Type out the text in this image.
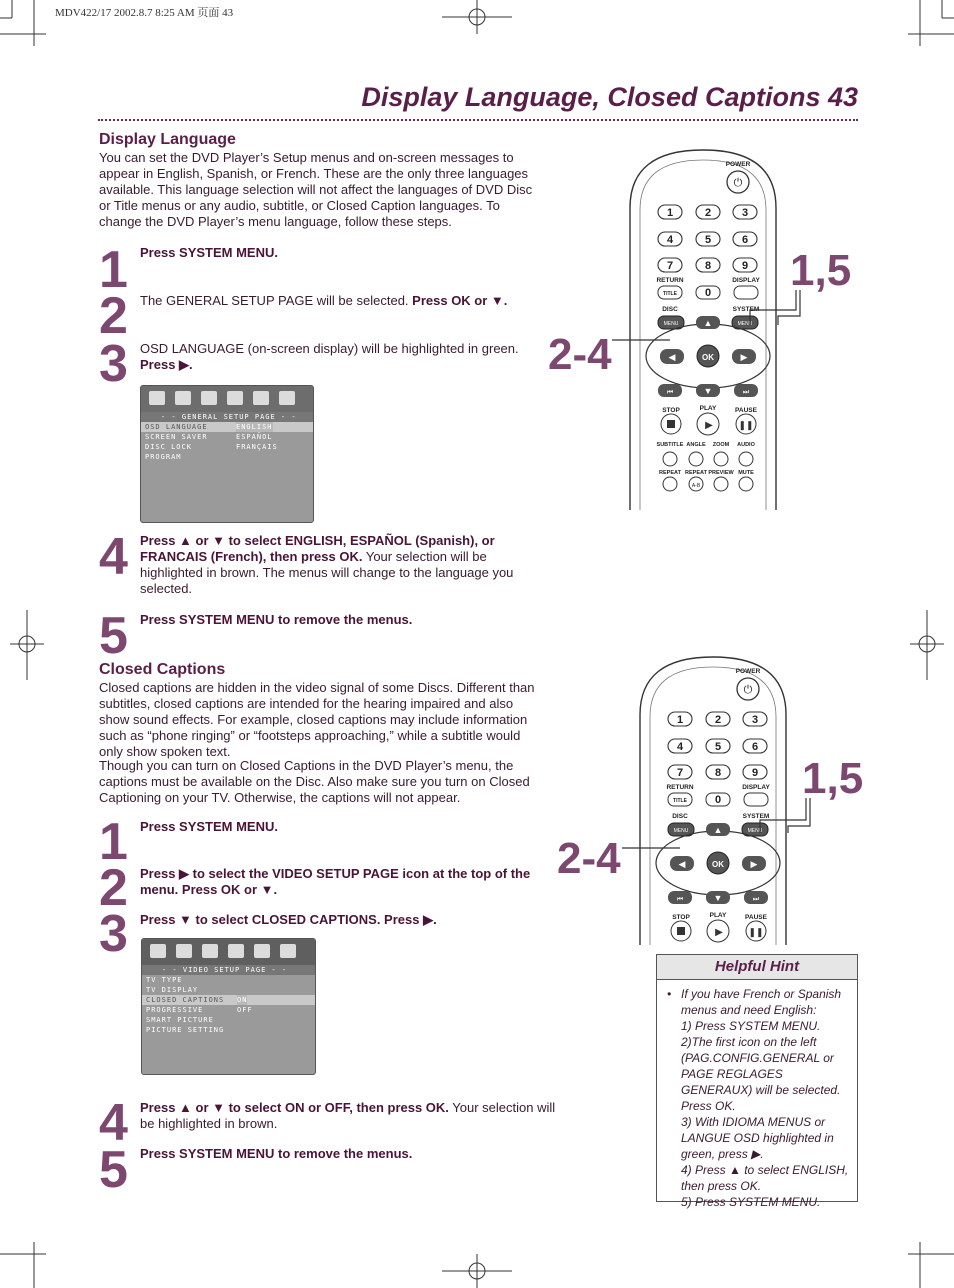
MDV422/17 2002.8.7 8:25 AM 页面 43
Display Language, Closed Captions 43
Display Language
You can set the DVD Player’s Setup menus and on-screen messages to appear in English, Spanish, or French. These are the only three languages available. This language selection will not affect the languages of DVD Disc or Title menus or any audio, subtitle, or Closed Caption languages. To change the DVD Player’s menu language, follow these steps.
1 Press SYSTEM MENU.
2 The GENERAL SETUP PAGE will be selected. Press OK or ▼.
3 OSD LANGUAGE (on-screen display) will be highlighted in green. Press ▶.
4 Press ▲ or ▼ to select ENGLISH, ESPAÑOL (Spanish), or FRANCAIS (French), then press OK. Your selection will be highlighted in brown. The menus will change to the language you selected.
5 Press SYSTEM MENU to remove the menus.
- - GENERAL SETUP PAGE - -
OSD LANGUAGE	ENGLISH
SCREEN SAVER	ESPAÑOL
DISC LOCK	FRANÇAIS
PROGRAM
Closed Captions
Closed captions are hidden in the video signal of some Discs. Different than subtitles, closed captions are intended for the hearing impaired and also show sound effects. For example, closed captions may include information such as “phone ringing” or “footsteps approaching,” while a subtitle would only show spoken text.
Though you can turn on Closed Captions in the DVD Player’s menu, the captions must be available on the Disc. Also make sure you turn on Closed Captioning on your TV. Otherwise, the captions will not appear.
1 Press SYSTEM MENU.
2 Press ▶ to select the VIDEO SETUP PAGE icon at the top of the menu. Press OK or ▼.
3 Press ▼ to select CLOSED CAPTIONS. Press ▶.
4 Press ▲ or ▼ to select ON or OFF, then press OK. Your selection will be highlighted in brown.
5 Press SYSTEM MENU to remove the menus.
- - VIDEO SETUP PAGE - -
TV TYPE
TV DISPLAY
CLOSED CAPTIONS ON
PROGRESSIVE	OFF
SMART PICTURE
PICTURE SETTING
POWER
⏻
1	2	3
4	5	6
7	8	9
RETURN	DISPLAY
TITLE	0
DISC	SYSTEM
MENU	MENU
▲
◀	▶
OK
⏮	▼	⏭
STOP	PLAY	PAUSE
▶	❚❚
SUBTITLE ANGLE ZOOM AUDIO
REPEAT REPEAT PREVIEW MUTE
A-B
1,5
2-4
POWER
⏻
1	2	3
4	5	6
7	8	9
RETURN	DISPLAY
TITLE	0
DISC	SYSTEM
MENU	MENU
▲
◀	▶
OK
⏮	▼	⏭
STOP	PLAY	PAUSE
▶	❚❚
1,5
2-4
Helpful Hint
• If you have French or Spanish menus and need English:
1) Press SYSTEM MENU.
2)The first icon on the left (PAG.CONFIG.GENERAL or PAGE REGLAGES GENERAUX) will be selected. Press OK.
3) With IDIOMA MENUS or LANGUE OSD highlighted in green, press ▶.
4) Press ▲ to select ENGLISH, then press OK.
5) Press SYSTEM MENU.
